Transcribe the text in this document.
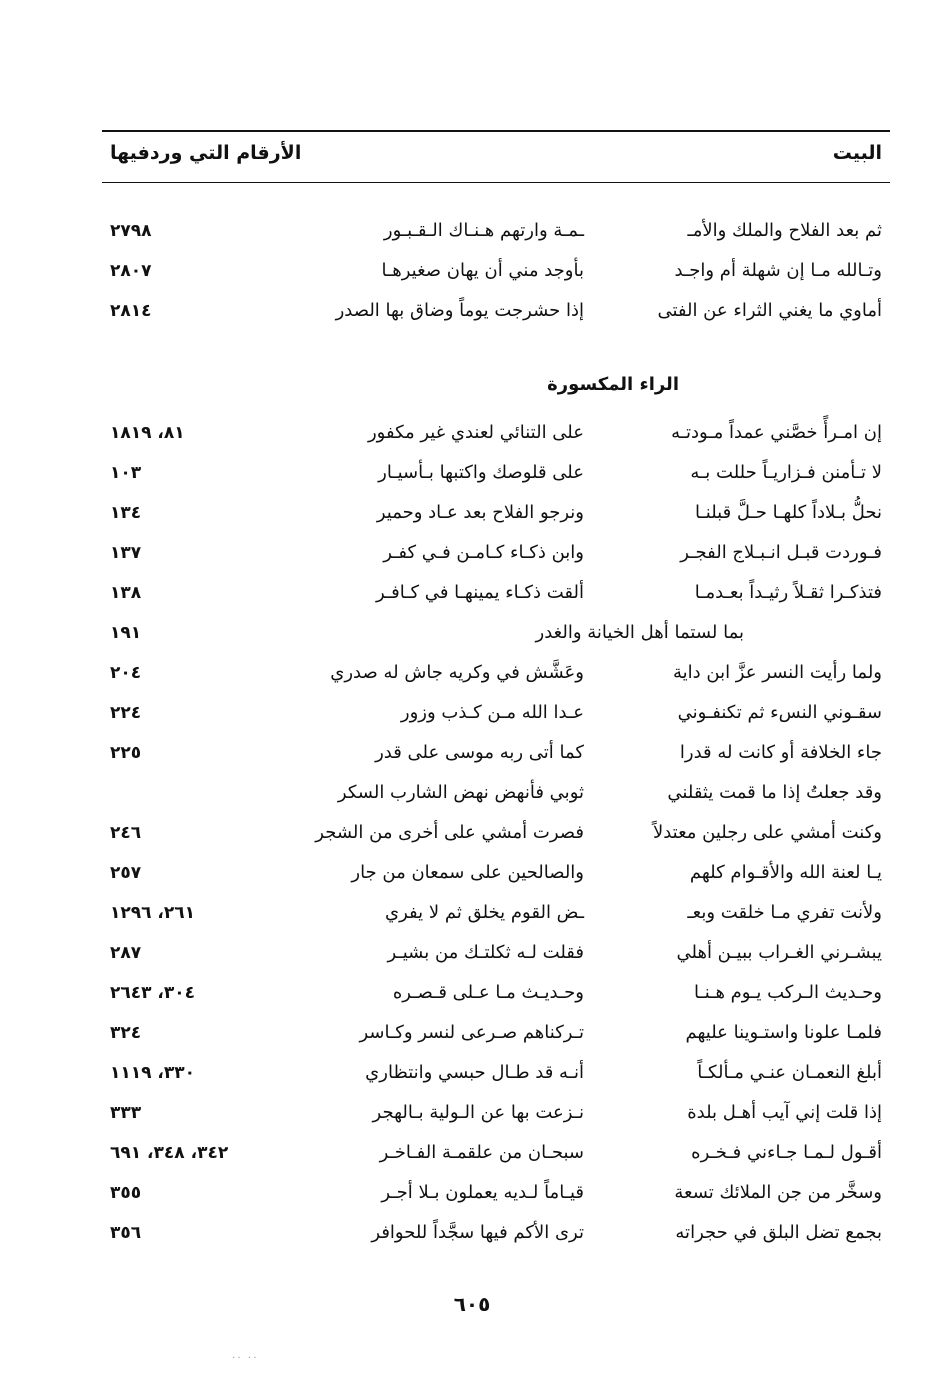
البيت
الأرقام التي وردفيها
ثم بعد الفلاح والملك والأمـ
ـمـة وارتهم هـنـاك الـقـبـور
٢٧٩٨
وتـالله مـا إن شهلة أم واجـد
بأوجد مني أن يهان صغيرهـا
٢٨٠٧
أماوي ما يغني الثراء عن الفتى
إذا حشرجت يوماً وضاق بها الصدر
٢٨١٤
الراء المكسورة
إن امـرأً خصَّني عمداً مـودتـه
على التنائي لعندي غير مكفور
٨١، ١٨١٩
لا تـأمنن فـزاريـاً حللت بـه
على قلوصك واكتبها بـأسيـار
١٠٣
نحلُّ بـلاداً كلهـا حـلَّ قبلنـا
ونرجو الفلاح بعد عـاد وحمير
١٣٤
فـوردت قبـل انـبـلاج الفجـر
وابن ذكـاء كـامـن فـي كفـر
١٣٧
فتذكـرا ثقـلاً رثيـداً بعـدمـا
ألقت ذكـاء يمينهـا في كـافـر
١٣٨
بما لستما أهل الخيانة والغدر
١٩١
ولما رأيت النسر عزَّ ابن داية
وعَشَّش في وكريه جاش له صدري
٢٠٤
سقـوني النسء ثم تكنفـوني
عـدا الله مـن كـذب وزور
٢٢٤
جاء الخلافة أو كانت له قدرا
كما أتى ربه موسى على قدر
٢٢٥
وقد جعلتُ إذا ما قمت يثقلني
ثوبي فأنهض نهض الشارب السكر
وكنت أمشي على رجلين معتدلاً
فصرت أمشي على أخرى من الشجر
٢٤٦
يـا لعنة الله والأقـوام كلهم
والصالحين على سمعان من جار
٢٥٧
ولأنت تفري مـا خلقت وبعـ
ـض القوم يخلق ثم لا يفري
٢٦١، ١٢٩٦
يبشـرني الغـراب ببيـن أهلي
فقلت لـه ثكلتـك من بشيـر
٢٨٧
وحـديث الـركب يـوم هـنـا
وحـديـث مـا عـلى قـصـره
٣٠٤، ٢٦٤٣
فلمـا علونا واستـوينا عليهم
تـركناهم صـرعى لنسر وكـاسر
٣٢٤
أبلغ النعمـان عنـي مـألكـاً
أنـه قد طـال حبسي وانتظاري
٣٣٠، ١١١٩
إذا قلت إني آيب أهـل بلدة
نـزعت بها عن الـولية بـالهجر
٣٣٣
أقـول لـمـا جـاءني فـخـره
سبحـان من علقمـة الفـاخـر
٣٤٢، ٣٤٨، ٦٩١
وسخَّر من جن الملائك تسعة
قيـاماً لـديه يعملون بـلا أجـر
٣٥٥
بجمع تضل البلق في حجراته
ترى الأكم فيها سجَّداً للحوافر
٣٥٦
٦٠٥
․․ ․․
